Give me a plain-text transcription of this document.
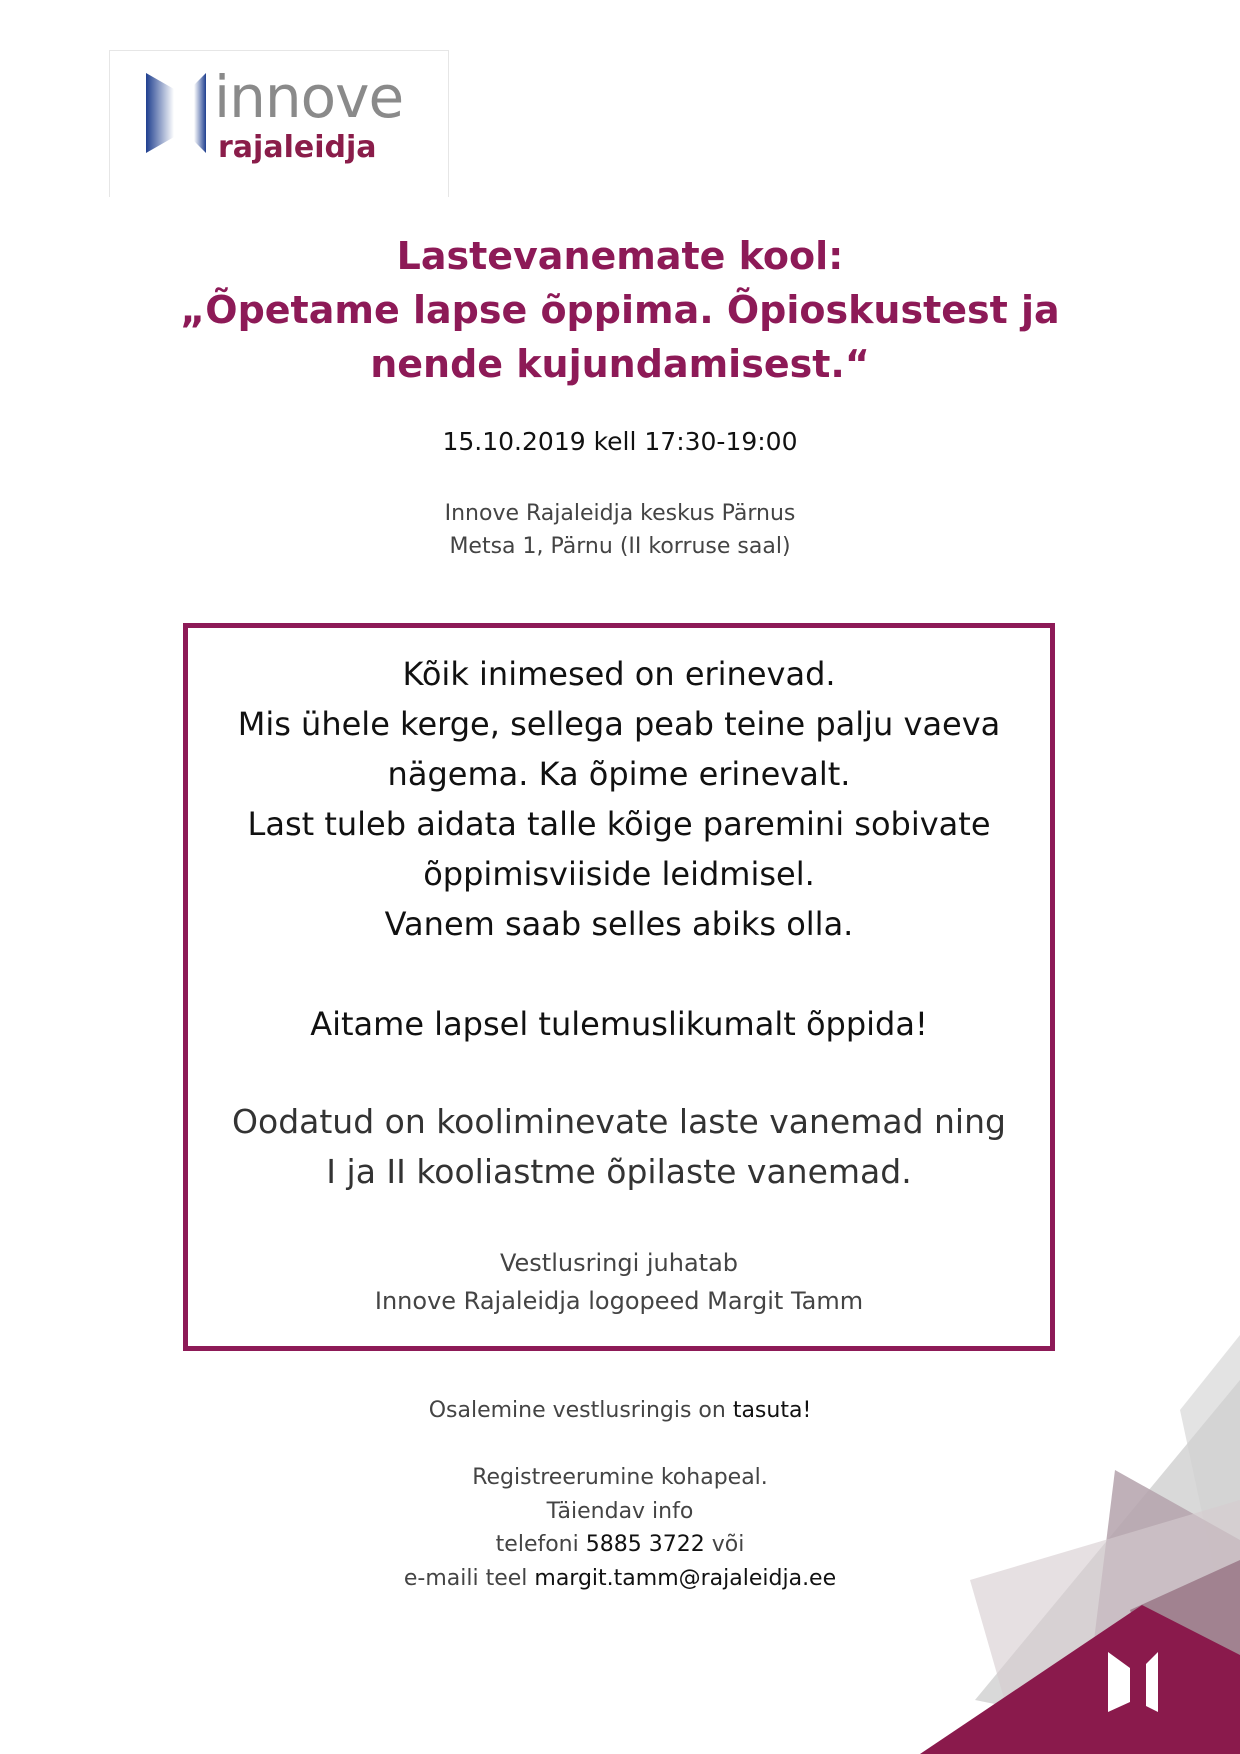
innove
rajaleidja
Lastevanemate kool:
„Õpetame lapse õppima. Õpioskustest ja
nende kujundamisest.“
15.10.2019 kell 17:30-19:00
Innove Rajaleidja keskus Pärnus
Metsa 1, Pärnu (II korruse saal)
Kõik inimesed on erinevad.
Mis ühele kerge, sellega peab teine palju vaeva
nägema. Ka õpime erinevalt.
Last tuleb aidata talle kõige paremini sobivate
õppimisviiside leidmisel.
Vanem saab selles abiks olla.
Aitame lapsel tulemuslikumalt õppida!
Oodatud on kooliminevate laste vanemad ning
I ja II kooliastme õpilaste vanemad.
Vestlusringi juhatab
Innove Rajaleidja logopeed Margit Tamm
Osalemine vestlusringis on tasuta!
Registreerumine kohapeal.
Täiendav info
telefoni 5885 3722 või
e-maili teel margit.tamm@rajaleidja.ee
